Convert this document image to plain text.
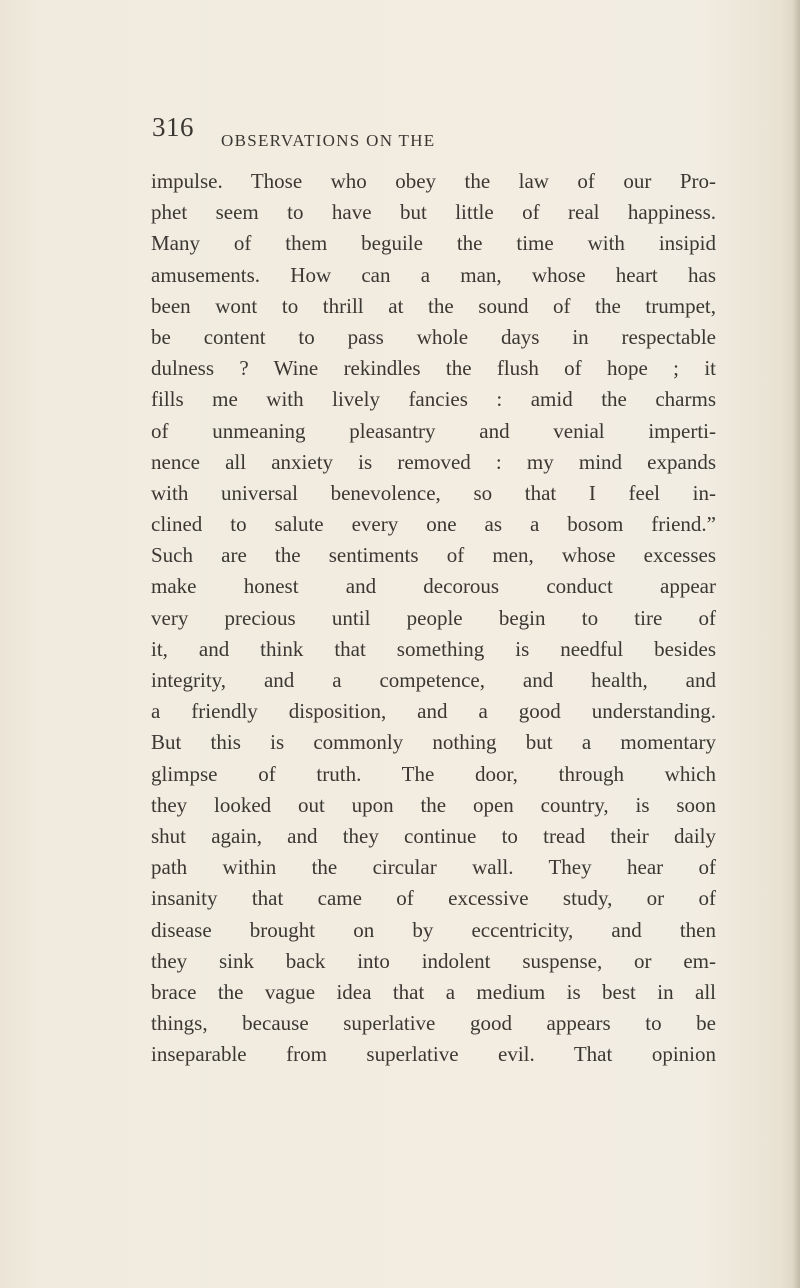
316 OBSERVATIONS ON THE
impulse. Those who obey the law of our Pro-
phet seem to have but little of real happiness.
Many of them beguile the time with insipid
amusements. How can a man, whose heart has
been wont to thrill at the sound of the trumpet,
be content to pass whole days in respectable
dulness ? Wine rekindles the flush of hope ; it
fills me with lively fancies : amid the charms
of unmeaning pleasantry and venial imperti-
nence all anxiety is removed : my mind expands
with universal benevolence, so that I feel in-
clined to salute every one as a bosom friend.”
Such are the sentiments of men, whose excesses
make honest and decorous conduct appear
very precious until people begin to tire of
it, and think that something is needful besides
integrity, and a competence, and health, and
a friendly disposition, and a good understanding.
But this is commonly nothing but a momentary
glimpse of truth. The door, through which
they looked out upon the open country, is soon
shut again, and they continue to tread their daily
path within the circular wall. They hear of
insanity that came of excessive study, or of
disease brought on by eccentricity, and then
they sink back into indolent suspense, or em-
brace the vague idea that a medium is best in all
things, because superlative good appears to be
inseparable from superlative evil. That opinion
